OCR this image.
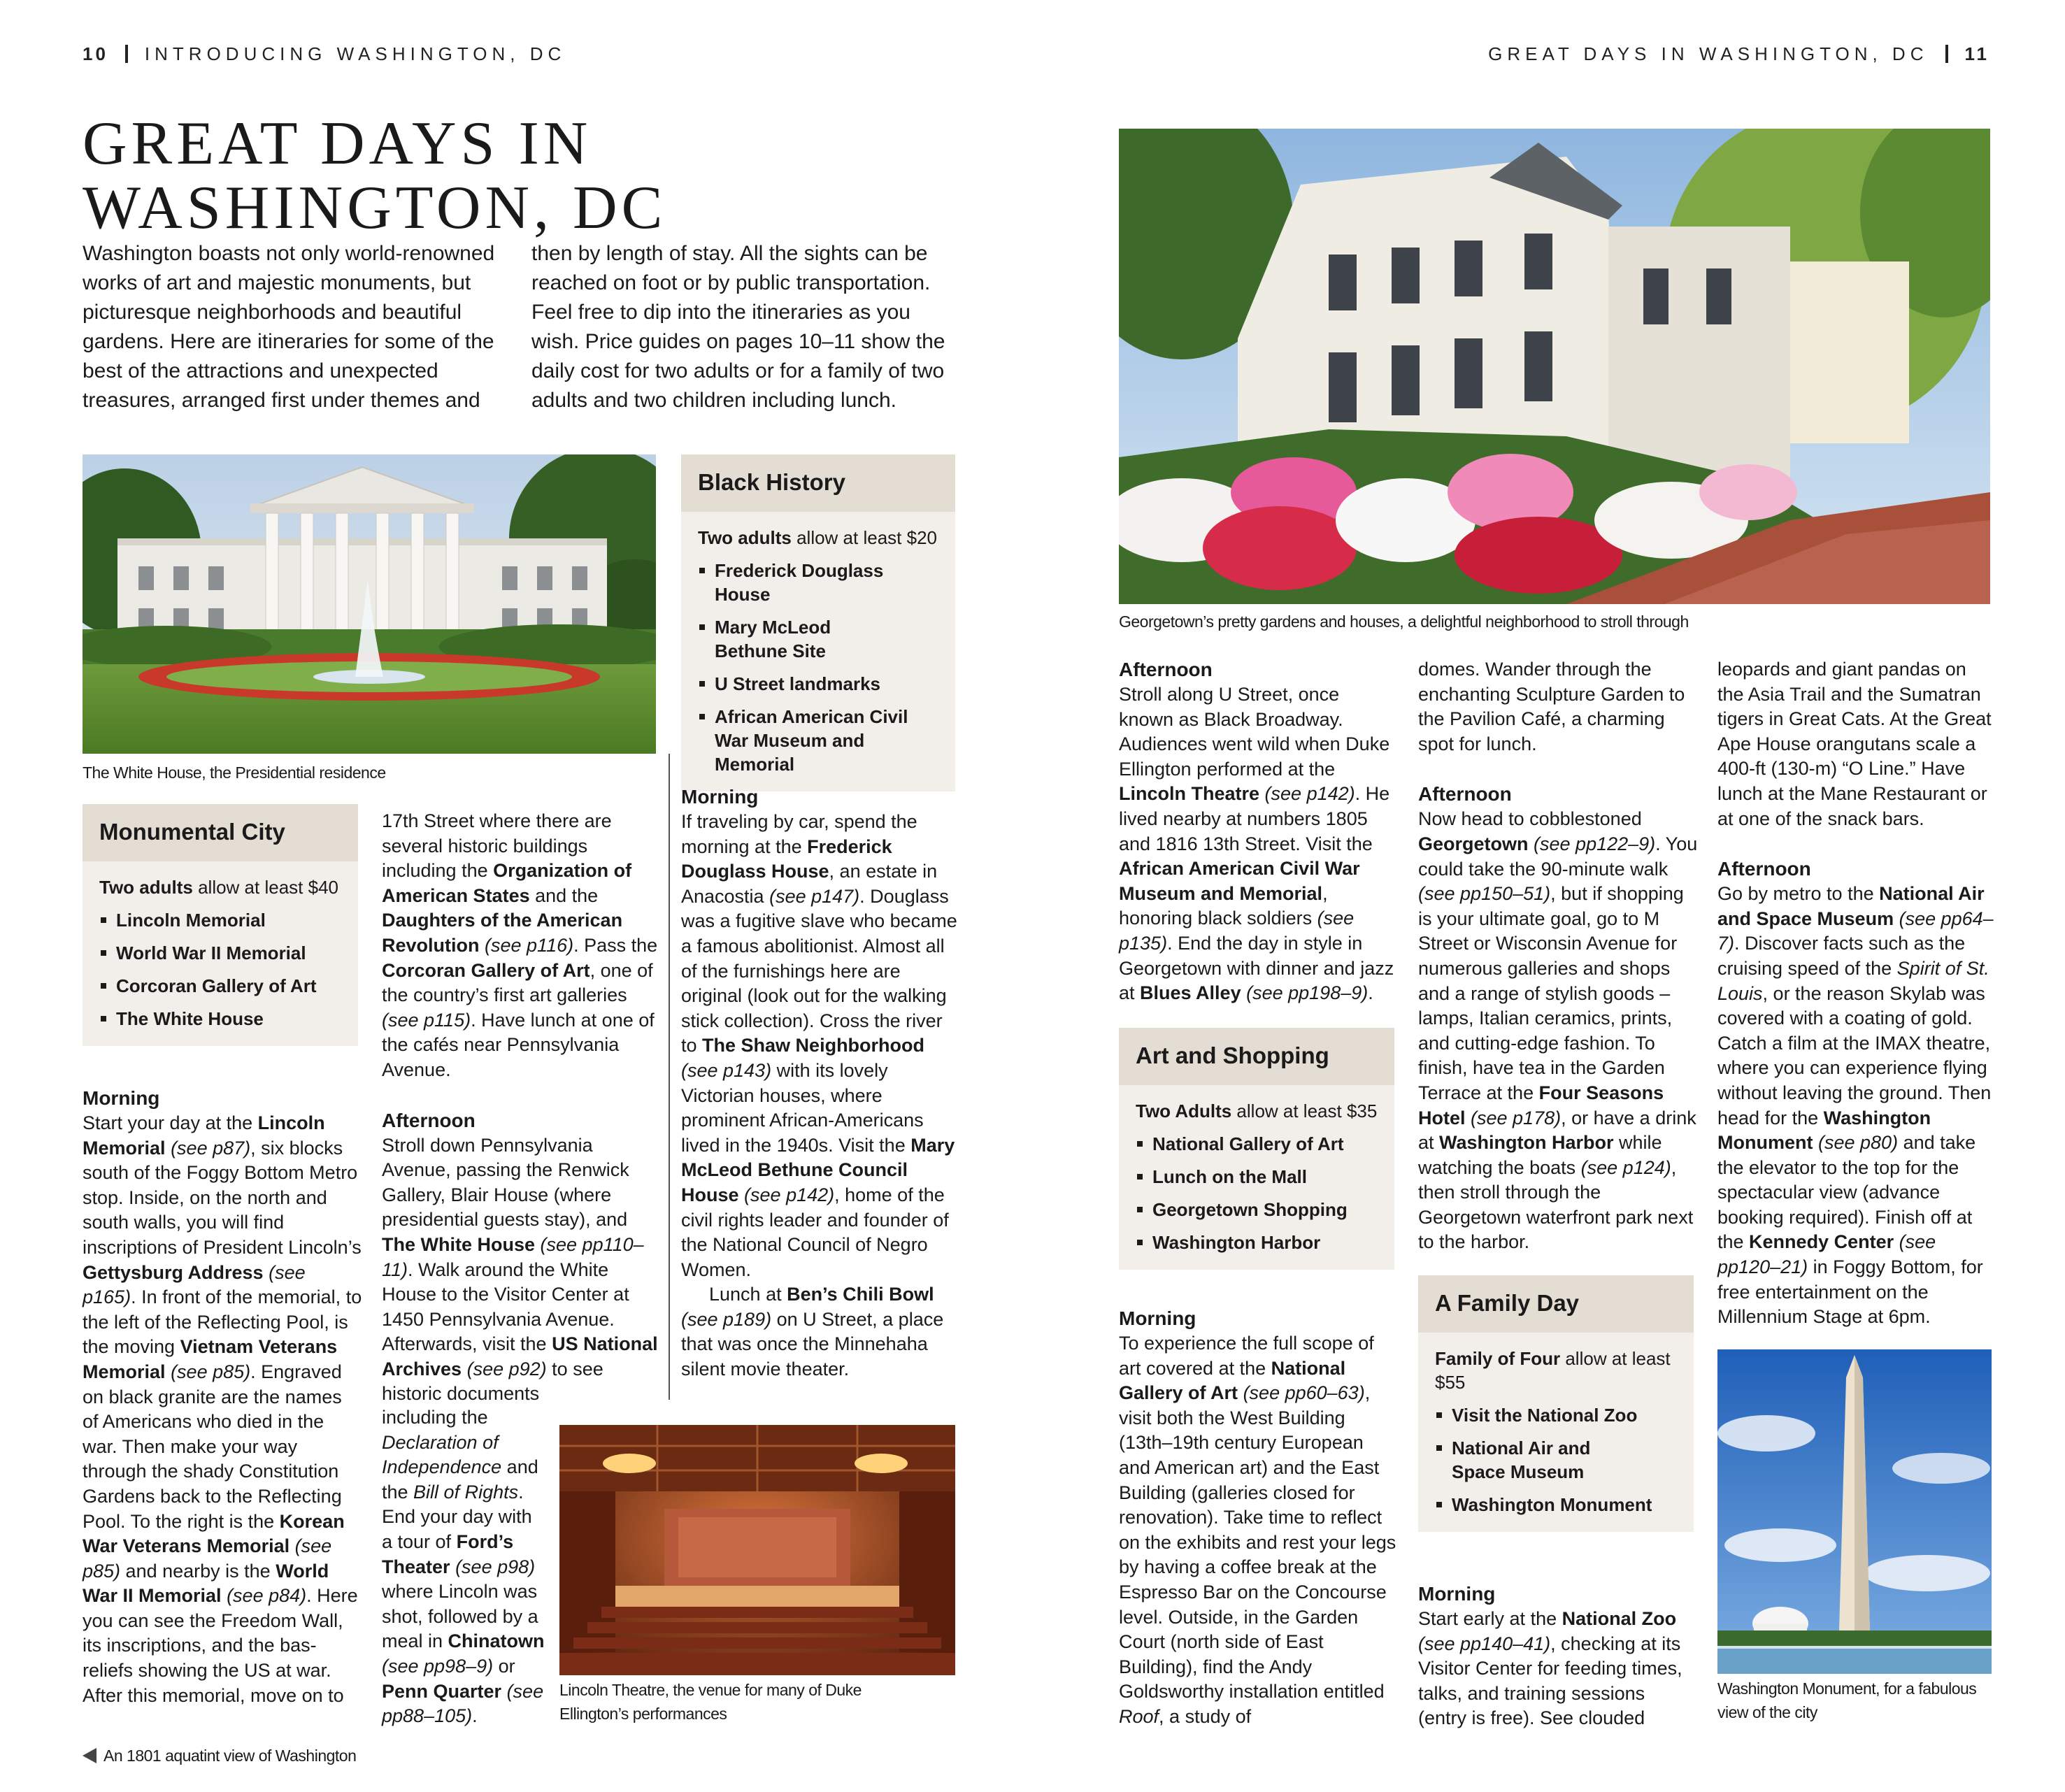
10 INTRODUCING WASHINGTON, DC	GREAT DAYS IN WASHINGTON, DC 11
GREAT DAYS IN
WASHINGTON, DC

Washington boasts not only world-renowned works of art and majestic monuments, but picturesque neighborhoods and beautiful gardens. Here are itineraries for some of the best of the attractions and unexpected treasures, arranged first under themes and

then by length of stay. All the sights can be reached on foot or by public transportation. Feel free to dip into the itineraries as you wish. Price guides on pages 10–11 show the daily cost for two adults or for a family of two adults and two children including lunch.

The White House, the Presidential residence
Monumental City
Two adults allow at least $40
Lincoln Memorial
World War II Memorial
Corcoran Gallery of Art
The White House
Morning

Start your day at the Lincoln Memorial (see p87), six blocks south of the Foggy Bottom Metro stop. Inside, on the north and south walls, you will find inscriptions of President Lincoln’s Gettysburg Address (see p165). In front of the memorial, to the left of the Reflecting Pool, is the moving Vietnam Veterans Memorial (see p85). Engraved on black granite are the names of Americans who died in the war. Then make your way through the shady Constitution Gardens back to the Reflecting Pool. To the right is the Korean War Veterans Memorial (see p85) and nearby is the World War II Memorial (see p84). Here you can see the Freedom Wall, its inscriptions, and the bas-reliefs showing the US at war. After this memorial, move on to

17th Street where there are several historic buildings including the Organization of American States and the Daughters of the American Revolution (see p116). Pass the Corcoran Gallery of Art, one of the country’s first art galleries (see p115). Have lunch at one of the cafés near Pennsylvania Avenue.

Afternoon

Stroll down Pennsylvania Avenue, passing the Renwick Gallery, Blair House (where presidential guests stay), and The White House (see pp110–11). Walk around the White House to the Visitor Center at 1450 Pennsylvania Avenue. Afterwards, visit the US National Archives (see p92) to see historic documents

including the Declaration of Independence and the Bill of Rights. End your day with a tour of Ford’s Theater (see p98) where Lincoln was shot, followed by a meal in Chinatown (see pp98–9) or Penn Quarter (see pp88–105).

Black History
Two adults allow at least $20
Frederick Douglass House
Mary McLeod Bethune Site
U Street landmarks
African American Civil War Museum and Memorial
Morning

If traveling by car, spend the morning at the Frederick Douglass House, an estate in Anacostia (see p147). Douglass was a fugitive slave who became a famous abolitionist. Almost all of the furnishings here are original (look out for the walking stick collection). Cross the river to The Shaw Neighborhood (see p143) with its lovely Victorian houses, where prominent African-Americans lived in the 1940s. Visit the Mary McLeod Bethune Council House (see p142), home of the civil rights leader and founder of the National Council of Negro Women.

Lunch at Ben’s Chili Bowl (see p189) on U Street, a place that was once the Minnehaha silent movie theater.

Lincoln Theatre, the venue for many of Duke Ellington’s performances
An 1801 aquatint view of Washington
Georgetown’s pretty gardens and houses, a delightful neighborhood to stroll through
Afternoon

Stroll along U Street, once known as Black Broadway. Audiences went wild when Duke Ellington performed at the Lincoln Theatre (see p142). He lived nearby at numbers 1805 and 1816 13th Street. Visit the African American Civil War Museum and Memorial, honoring black soldiers (see p135). End the day in style in Georgetown with dinner and jazz at Blues Alley (see pp198–9).

Art and Shopping
Two Adults allow at least $35
National Gallery of Art
Lunch on the Mall
Georgetown Shopping
Washington Harbor
Morning

To experience the full scope of art covered at the National Gallery of Art (see pp60–63), visit both the West Building (13th–19th century European and American art) and the East Building (galleries closed for renovation). Take time to reflect on the exhibits and rest your legs by having a coffee break at the Espresso Bar on the Concourse level. Outside, in the Garden Court (north side of East Building), find the Andy Goldsworthy installation entitled Roof, a study of

domes. Wander through the enchanting Sculpture Garden to the Pavilion Café, a charming spot for lunch.

Afternoon

Now head to cobblestoned Georgetown (see pp122–9). You could take the 90-minute walk (see pp150–51), but if shopping is your ultimate goal, go to M Street or Wisconsin Avenue for numerous galleries and shops and a range of stylish goods – lamps, Italian ceramics, prints, and cutting-edge fashion. To finish, have tea in the Garden Terrace at the Four Seasons Hotel (see p178), or have a drink at Washington Harbor while watching the boats (see p124), then stroll through the Georgetown waterfront park next to the harbor.

A Family Day
Family of Four allow at least $55
Visit the National Zoo
National Air and Space Museum
Washington Monument
Morning

Start early at the National Zoo (see pp140–41), checking at its Visitor Center for feeding times, talks, and training sessions (entry is free). See clouded

leopards and giant pandas on the Asia Trail and the Sumatran tigers in Great Cats. At the Great Ape House orangutans scale a 400-ft (130-m) “O Line.” Have lunch at the Mane Restaurant or at one of the snack bars.

Afternoon

Go by metro to the National Air and Space Museum (see pp64–7). Discover facts such as the cruising speed of the Spirit of St. Louis, or the reason Skylab was covered with a coating of gold. Catch a film at the IMAX theatre, where you can experience flying without leaving the ground. Then head for the Washington Monument (see p80) and take the elevator to the top for the spectacular view (advance booking required). Finish off at the Kennedy Center (see pp120–21) in Foggy Bottom, for free entertainment on the Millennium Stage at 6pm.

Washington Monument, for a fabulous view of the city
